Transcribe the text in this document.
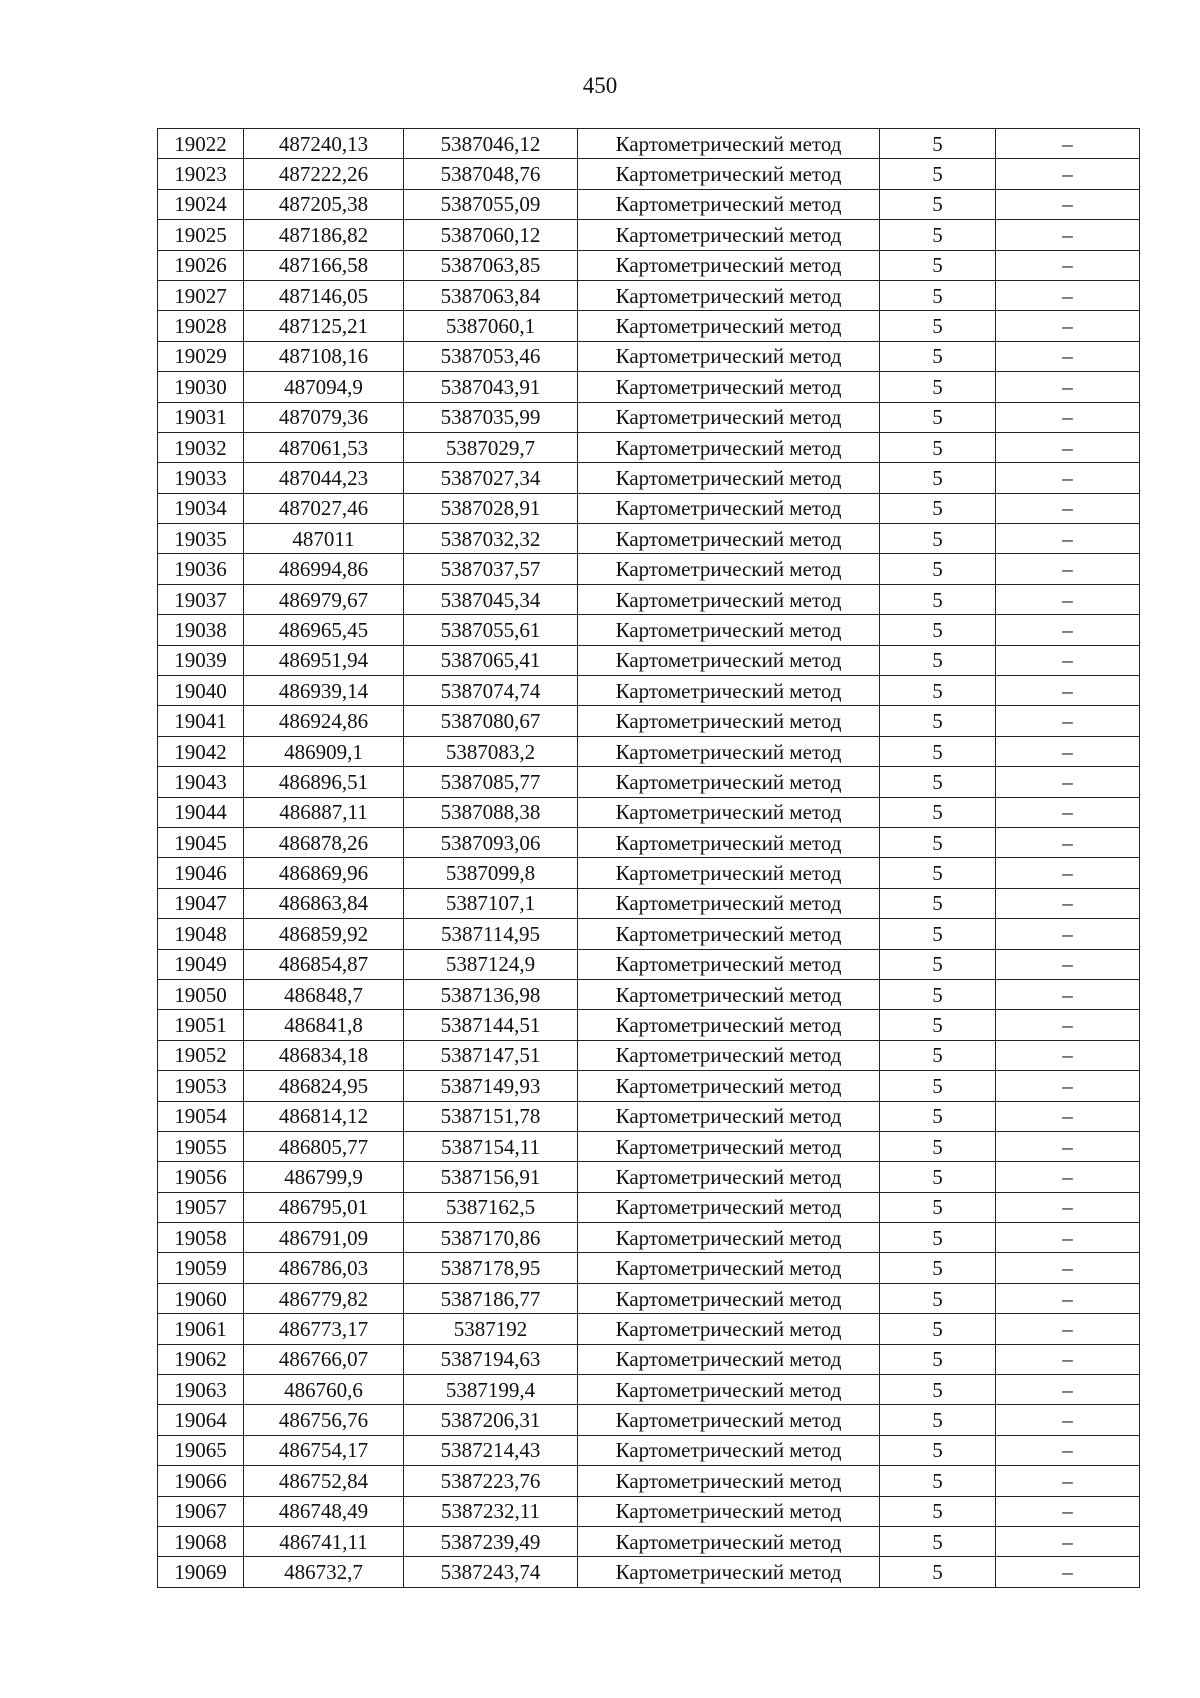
450
19022	487240,13	5387046,12	Картометрический метод	5	–
19023	487222,26	5387048,76	Картометрический метод	5	–
19024	487205,38	5387055,09	Картометрический метод	5	–
19025	487186,82	5387060,12	Картометрический метод	5	–
19026	487166,58	5387063,85	Картометрический метод	5	–
19027	487146,05	5387063,84	Картометрический метод	5	–
19028	487125,21	5387060,1	Картометрический метод	5	–
19029	487108,16	5387053,46	Картометрический метод	5	–
19030	487094,9	5387043,91	Картометрический метод	5	–
19031	487079,36	5387035,99	Картометрический метод	5	–
19032	487061,53	5387029,7	Картометрический метод	5	–
19033	487044,23	5387027,34	Картометрический метод	5	–
19034	487027,46	5387028,91	Картометрический метод	5	–
19035	487011	5387032,32	Картометрический метод	5	–
19036	486994,86	5387037,57	Картометрический метод	5	–
19037	486979,67	5387045,34	Картометрический метод	5	–
19038	486965,45	5387055,61	Картометрический метод	5	–
19039	486951,94	5387065,41	Картометрический метод	5	–
19040	486939,14	5387074,74	Картометрический метод	5	–
19041	486924,86	5387080,67	Картометрический метод	5	–
19042	486909,1	5387083,2	Картометрический метод	5	–
19043	486896,51	5387085,77	Картометрический метод	5	–
19044	486887,11	5387088,38	Картометрический метод	5	–
19045	486878,26	5387093,06	Картометрический метод	5	–
19046	486869,96	5387099,8	Картометрический метод	5	–
19047	486863,84	5387107,1	Картометрический метод	5	–
19048	486859,92	5387114,95	Картометрический метод	5	–
19049	486854,87	5387124,9	Картометрический метод	5	–
19050	486848,7	5387136,98	Картометрический метод	5	–
19051	486841,8	5387144,51	Картометрический метод	5	–
19052	486834,18	5387147,51	Картометрический метод	5	–
19053	486824,95	5387149,93	Картометрический метод	5	–
19054	486814,12	5387151,78	Картометрический метод	5	–
19055	486805,77	5387154,11	Картометрический метод	5	–
19056	486799,9	5387156,91	Картометрический метод	5	–
19057	486795,01	5387162,5	Картометрический метод	5	–
19058	486791,09	5387170,86	Картометрический метод	5	–
19059	486786,03	5387178,95	Картометрический метод	5	–
19060	486779,82	5387186,77	Картометрический метод	5	–
19061	486773,17	5387192	Картометрический метод	5	–
19062	486766,07	5387194,63	Картометрический метод	5	–
19063	486760,6	5387199,4	Картометрический метод	5	–
19064	486756,76	5387206,31	Картометрический метод	5	–
19065	486754,17	5387214,43	Картометрический метод	5	–
19066	486752,84	5387223,76	Картометрический метод	5	–
19067	486748,49	5387232,11	Картометрический метод	5	–
19068	486741,11	5387239,49	Картометрический метод	5	–
19069	486732,7	5387243,74	Картометрический метод	5	–
